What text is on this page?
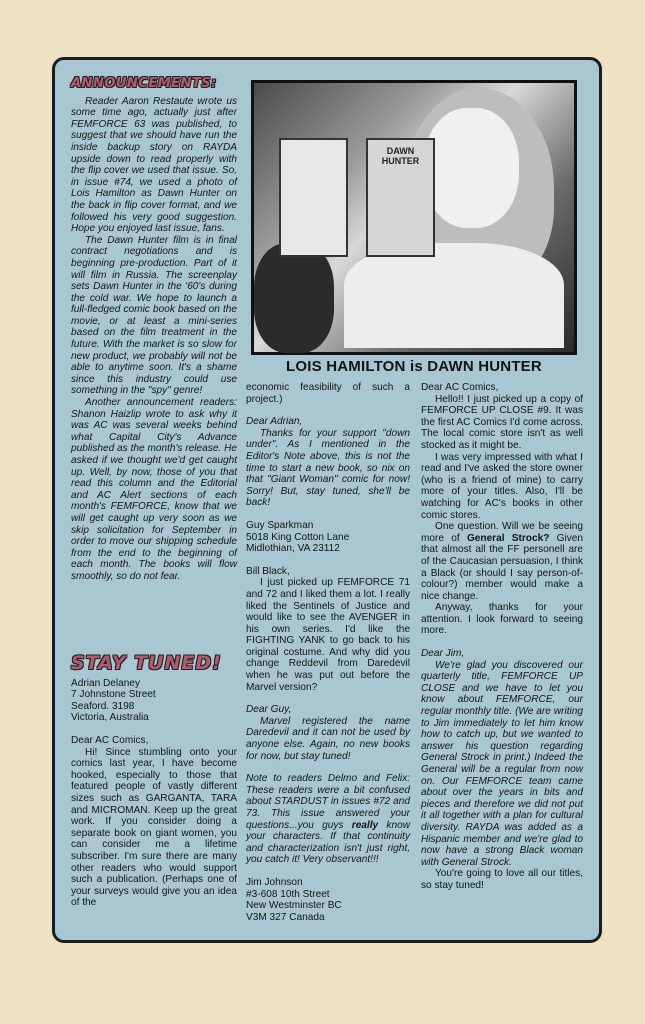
ANNOUNCEMENTS:

Reader Aaron Restaute wrote us some time ago, actually just after FEMFORCE 63 was published, to suggest that we should have run the inside backup story on RAYDA upside down to read properly with the flip cover we used that issue. So, in issue #74, we used a photo of Lois Hamilton as Dawn Hunter on the back in flip cover format, and we followed his very good suggestion. Hope you enjoyed last issue, fans.

The Dawn Hunter film is in final contract negotiations and is beginning pre-production. Part of it will film in Russia. The screenplay sets Dawn Hunter in the '60's during the cold war. We hope to launch a full-fledged comic book based on the movie, or at least a mini-series based on the film treatment in the future. With the market is so slow for new product, we probably will not be able to anytime soon. It's a shame since this industry could use something in the "spy" genre!

Another announcement readers: Shanon Haizlip wrote to ask why it was AC was several weeks behind what Capital City's Advance published as the month's release. He asked if we thought we'd get caught up. Well, by now, those of you that read this column and the Editorial and AC Alert sections of each month's FEMFORCE, know that we will get caught up very soon as we skip solicitation for September in order to move our shipping schedule from the end to the beginning of each month. The books will flow smoothly, so do not fear.

STAY TUNED!

Adrian Delaney

7 Johnstone Street

Seaford. 3198

Victoria, Australia

Dear AC Comics,

Hi! Since stumbling onto your comics last year, I have become hooked, especially to those that featured people of vastly different sizes such as GARGANTA, TARA and MICROMAN. Keep up the great work. If you consider doing a separate book on giant women, you can consider me a lifetime subscriber. I'm sure there are many other readers who would support such a publication. (Perhaps one of your surveys would give you an idea of the

DAWN HUNTER
LOIS HAMILTON is DAWN HUNTER

economic feasibility of such a project.)

Dear Adrian,

Thanks for your support "down under". As I mentioned in the Editor's Note above, this is not the time to start a new book, so nix on that "Giant Woman" comic for now! Sorry! But, stay tuned, she'll be back!

Guy Sparkman

5018 King Cotton Lane

Midlothian, VA 23112

Bill Black,

I just picked up FEMFORCE 71 and 72 and I liked them a lot. I really liked the Sentinels of Justice and would like to see the AVENGER in his own series. I'd like the FIGHTING YANK to go back to his original costume. And why did you change Reddevil from Daredevil when he was put out before the Marvel version?

Dear Guy,

Marvel registered the name Daredevil and it can not be used by anyone else. Again, no new books for now, but stay tuned!

Note to readers Delmo and Felix: These readers were a bit confused about STARDUST in issues #72 and 73. This issue answered your questions...you guys really know your characters. If that continuity and characterization isn't just right, you catch it! Very observant!!!

Jim Johnson

#3-608 10th Street

New Westminster BC

V3M 327 Canada

Dear AC Comics,

Hello!! I just picked up a copy of FEMFORCE UP CLOSE #9. It was the first AC Comics I'd come across. The local comic store isn't as well stocked as it might be.

I was very impressed with what I read and I've asked the store owner (who is a friend of mine) to carry more of your titles. Also, I'll be watching for AC's books in other comic stores.

One question. Will we be seeing more of General Strock? Given that almost all the FF personell are of the Caucasian persuasion, I think a Black (or should I say person-of-colour?) member would make a nice change.

Anyway, thanks for your attention. I look forward to seeing more.

Dear Jim,

We're glad you discovered our quarterly title, FEMFORCE UP CLOSE and we have to let you know about FEMFORCE, our regular monthly title. (We are writing to Jim immediately to let him know how to catch up, but we wanted to answer his question regarding General Strock in print.) Indeed the General will be a regular from now on. Our FEMFORCE team came about over the years in bits and pieces and therefore we did not put it all together with a plan for cultural diversity. RAYDA was added as a Hispanic member and we're glad to now have a strong Black woman with General Strock.

You're going to love all our titles, so stay tuned!
